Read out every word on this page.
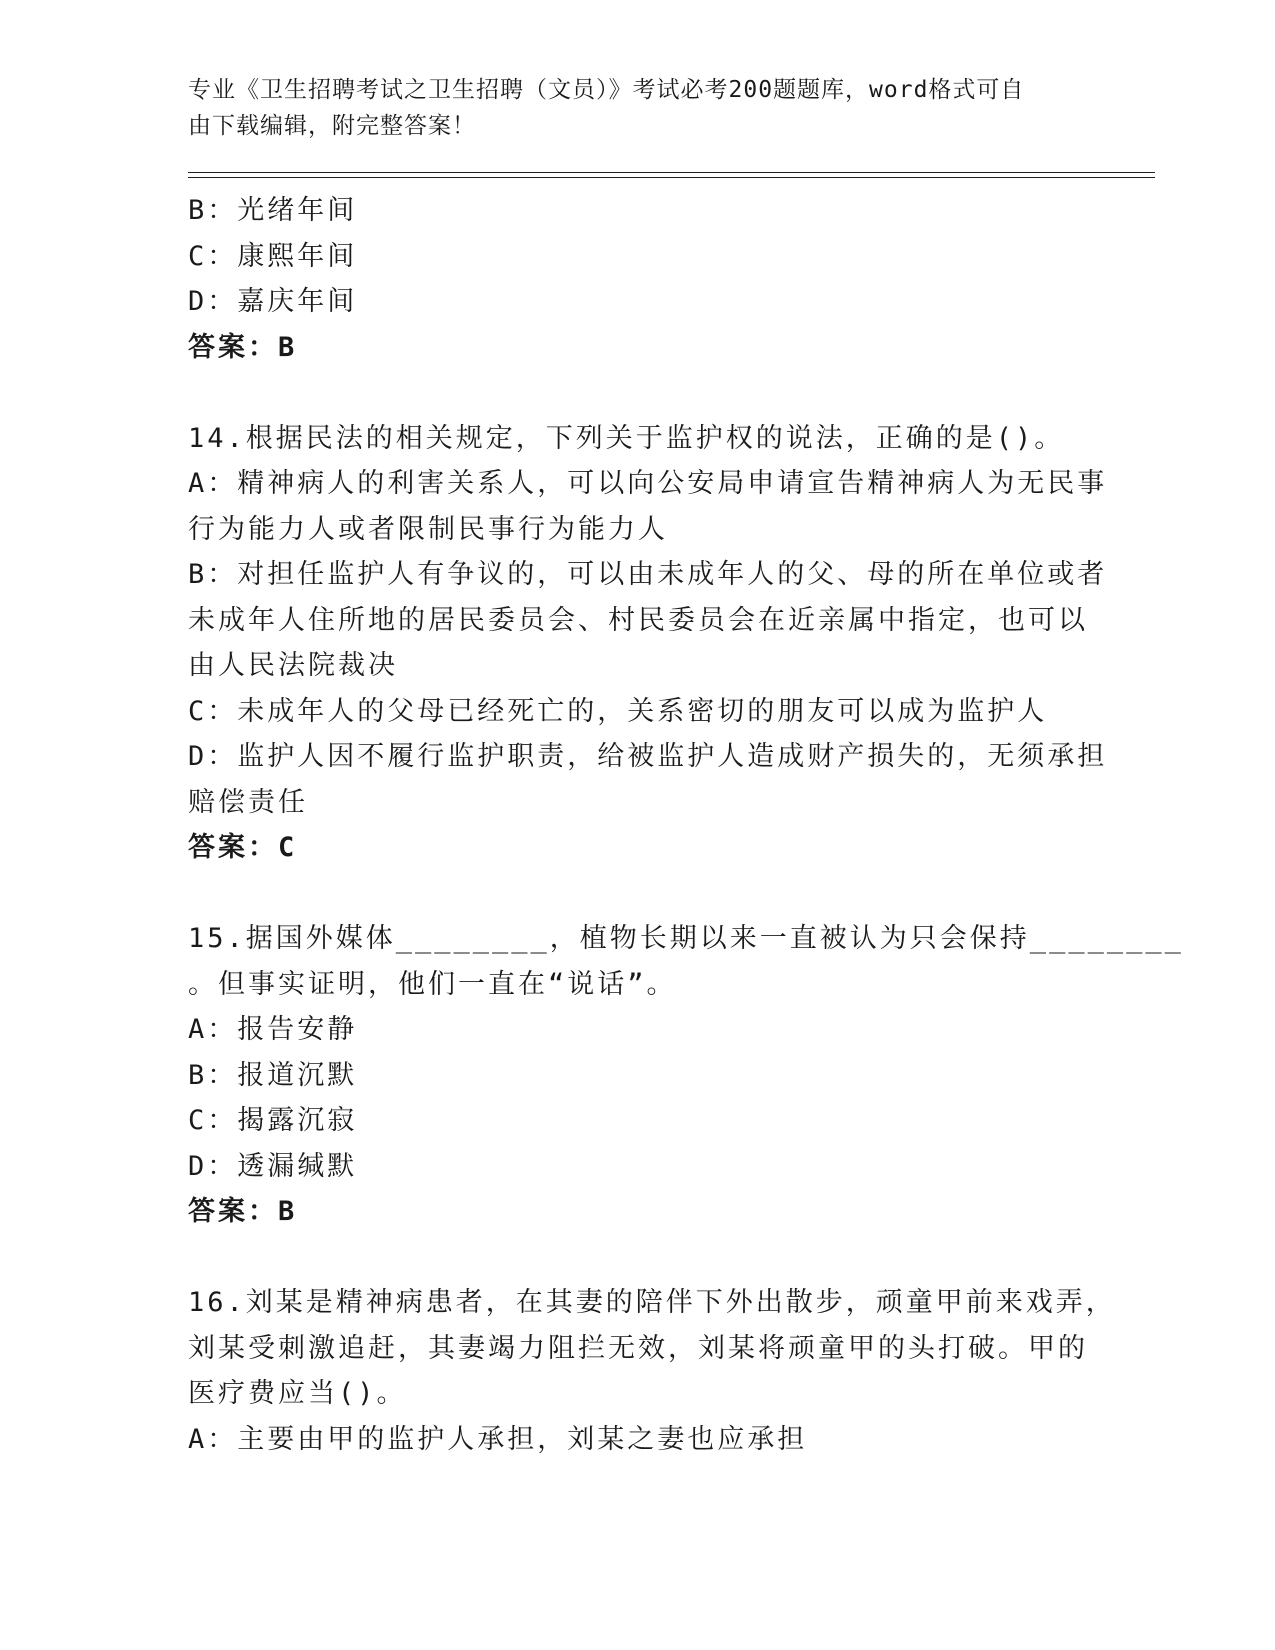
专业《卫生招聘考试之卫生招聘（文员）》考试必考200题题库，word格式可自
由下载编辑，附完整答案！
B：光绪年间
C：康熙年间
D：嘉庆年间
答案：B
14.根据民法的相关规定，下列关于监护权的说法，正确的是()。
A：精神病人的利害关系人，可以向公安局申请宣告精神病人为无民事
行为能力人或者限制民事行为能力人
B：对担任监护人有争议的，可以由未成年人的父、母的所在单位或者
未成年人住所地的居民委员会、村民委员会在近亲属中指定，也可以
由人民法院裁决
C：未成年人的父母已经死亡的，关系密切的朋友可以成为监护人
D：监护人因不履行监护职责，给被监护人造成财产损失的，无须承担
赔偿责任
答案：C
15.据国外媒体________，植物长期以来一直被认为只会保持________
。但事实证明，他们一直在“说话”。
A：报告安静
B：报道沉默
C：揭露沉寂
D：透漏缄默
答案：B
16.刘某是精神病患者，在其妻的陪伴下外出散步，顽童甲前来戏弄，
刘某受刺激追赶，其妻竭力阻拦无效，刘某将顽童甲的头打破。甲的
医疗费应当()。
A：主要由甲的监护人承担，刘某之妻也应承担
